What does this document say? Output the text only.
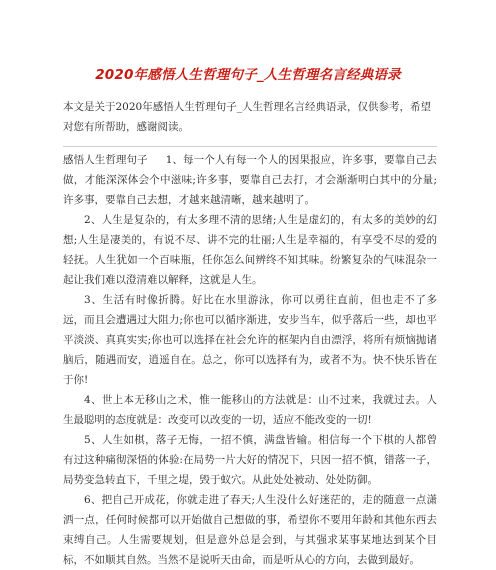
2020年感悟人生哲理句子_人生哲理名言经典语录

本文是关于2020年感悟人生哲理句子_人生哲理名言经典语录，仅供参考，希望对您有所帮助，感谢阅读。

感悟人生哲理句子 1、每一个人有每一个人的因果报应，许多事，要靠自己去做，才能深深体会个中滋味;许多事，要靠自己去打，才会渐渐明白其中的分量;许多事，要靠自己去想，才越来越清晰，越来越明了。

2、人生是复杂的，有太多理不清的思绪;人生是虚幻的，有太多的美妙的幻想;人生是凄美的，有说不尽、讲不完的壮丽;人生是幸福的，有享受不尽的爱的轻抚。人生犹如一个百味瓶，任你怎么间辨终不知其味。纷繁复杂的气味混杂一起让我们难以澄清难以解释，这就是人生。

3、生活有时像折腾。好比在水里游泳，你可以勇往直前，但也走不了多远，而且会遭遇过大阻力;你也可以循序渐进，安步当车，似乎落后一些，却也平平淡淡、真真实实;你也可以选择在社会允许的框架内自由漂浮，将所有烦恼抛诸脑后，随遇而安，逍遥自在。总之，你可以选择有为，或者不为。快不快乐皆在于你!

4、世上本无移山之术，惟一能移山的方法就是：山不过来，我就过去。人生最聪明的态度就是：改变可以改变的一切，适应不能改变的一切!

5、人生如棋，落子无悔，一招不慎，满盘皆输。相信每一个下棋的人都曾有过这种痛彻深悟的体验:在局势一片大好的情况下，只因一招不慎，错落一子，局势变急转直下，千里之堤，毁于蚁穴。从此处处被动、处处防御。

6、把自己开成花，你就走进了春天;人生没什么好迷茫的，走的随意一点潇洒一点，任何时候都可以开始做自己想做的事，希望你不要用年龄和其他东西去束缚自己。人生需要规划，但是意外总是会到，与其强求某事某地达到某个目标，不如顺其自然。当然不是说听天由命，而是听从心的方向，去做到最好。
